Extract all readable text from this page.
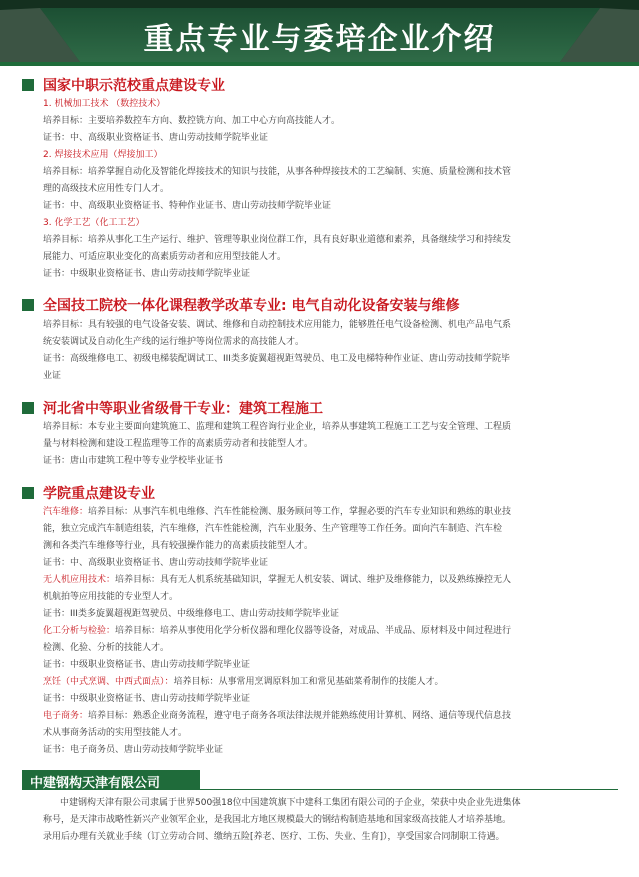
重点专业与委培企业介绍
国家中职示范校重点建设专业
1. 机械加工技术 （数控技术）
培养目标：主要培养数控车方向、数控铣方向、加工中心方向高技能人才。
证书：中、高级职业资格证书、唐山劳动技师学院毕业证
2. 焊接技术应用（焊接加工）
培养目标：培养掌握自动化及智能化焊接技术的知识与技能，从事各种焊接技术的工艺编制、实施、质量检测和技术管
理的高级技术应用性专门人才。
证书：中、高级职业资格证书、特种作业证书、唐山劳动技师学院毕业证
3. 化学工艺（化工工艺）
培养目标：培养从事化工生产运行、维护、管理等职业岗位群工作，具有良好职业道德和素养，具备继续学习和持续发
展能力、可适应职业变化的高素质劳动者和应用型技能人才。
证书：中级职业资格证书、唐山劳动技师学院毕业证
全国技工院校一体化课程教学改革专业: 电气自动化设备安装与维修
培养目标：具有较强的电气设备安装、调试、维修和自动控制技术应用能力，能够胜任电气设备检测、机电产品电气系
统安装调试及自动化生产线的运行维护等岗位需求的高技能人才。
证书：高级维修电工、初级电梯装配调试工、III类多旋翼超视距驾驶员、电工及电梯特种作业证、唐山劳动技师学院毕
业证
河北省中等职业省级骨干专业：建筑工程施工
培养目标：本专业主要面向建筑施工、监理和建筑工程咨询行业企业，培养从事建筑工程施工工艺与安全管理、工程质
量与材料检测和建设工程监理等工作的高素质劳动者和技能型人才。
证书：唐山市建筑工程中等专业学校毕业证书
学院重点建设专业
汽车维修：培养目标：从事汽车机电维修、汽车性能检测、服务顾问等工作，掌握必要的汽车专业知识和熟练的职业技
能，独立完成汽车制造组装，汽车维修，汽车性能检测，汽车业服务、生产管理等工作任务。面向汽车制造、汽车检
测和各类汽车维修等行业，具有较强操作能力的高素质技能型人才。
证书：中、高级职业资格证书、唐山劳动技师学院毕业证
无人机应用技术：培养目标：具有无人机系统基础知识，掌握无人机安装、调试、维护及维修能力，以及熟练操控无人
机航拍等应用技能的专业型人才。
证书：III类多旋翼超视距驾驶员、中级维修电工、唐山劳动技师学院毕业证
化工分析与检验：培养目标：培养从事使用化学分析仪器和理化仪器等设备，对成品、半成品、原材料及中间过程进行
检测、化验、分析的技能人才。
证书：中级职业资格证书、唐山劳动技师学院毕业证
烹饪（中式烹调、中西式面点）：培养目标：从事常用烹调原料加工和常见基础菜肴制作的技能人才。
证书：中级职业资格证书、唐山劳动技师学院毕业证
电子商务：培养目标：熟悉企业商务流程，遵守电子商务各项法律法规并能熟练使用计算机、网络、通信等现代信息技
术从事商务活动的实用型技能人才。
证书：电子商务员、唐山劳动技师学院毕业证
中建钢构天津有限公司
中建钢构天津有限公司隶属于世界500强18位中国建筑旗下中建科工集团有限公司的子企业，荣获中央企业先进集体
称号，是天津市战略性新兴产业领军企业，是我国北方地区规模最大的钢结构制造基地和国家级高技能人才培养基地。
录用后办理有关就业手续（订立劳动合同、缴纳五险[养老、医疗、工伤、失业、生育]），享受国家合同制职工待遇。
